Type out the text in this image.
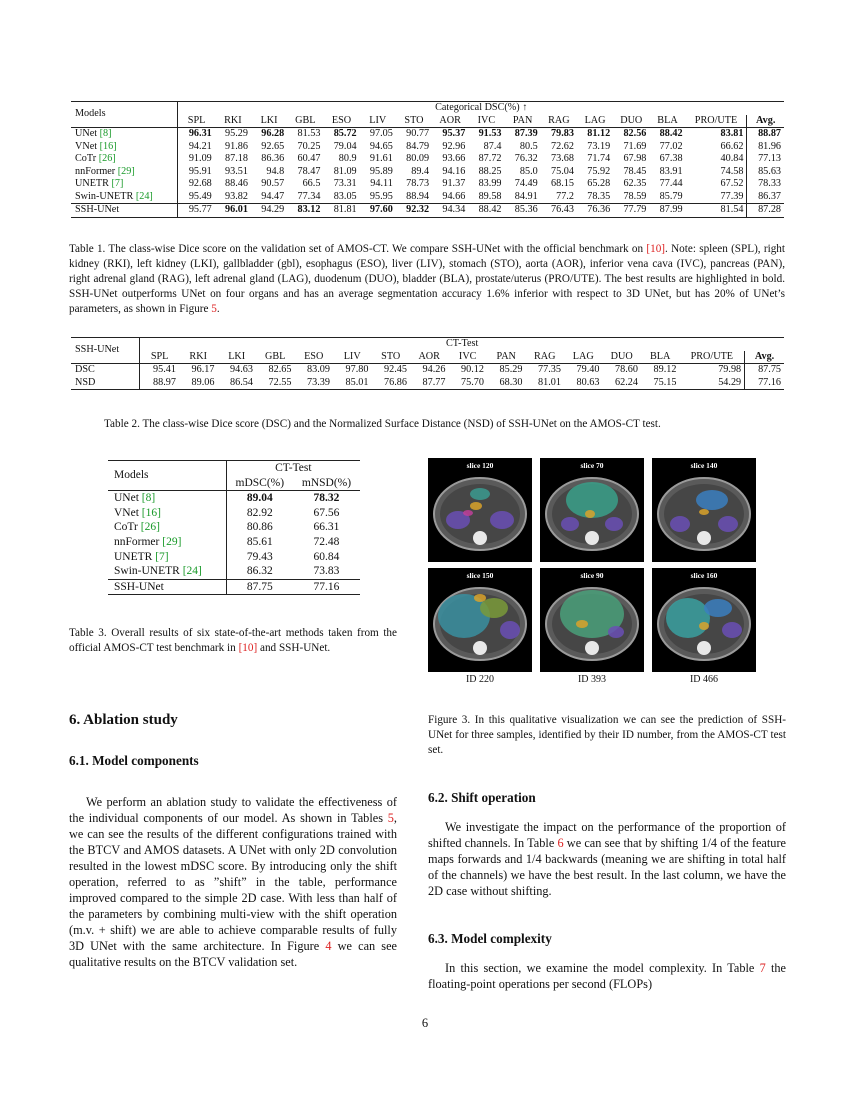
Models	Categorical DSC(%) ↑															
	SPL	RKI	LKI	GBL	ESO	LIV	STO	AOR	IVC	PAN	RAG	LAG	DUO	BLA	PRO/UTE	Avg.
UNet [8]	96.31	95.29	96.28	81.53	85.72	97.05	90.77	95.37	91.53	87.39	79.83	81.12	82.56	88.42	83.81	88.87
VNet [16]	94.21	91.86	92.65	70.25	79.04	94.65	84.79	92.96	87.4	80.5	72.62	73.19	71.69	77.02	66.62	81.96
CoTr [26]	91.09	87.18	86.36	60.47	80.9	91.61	80.09	93.66	87.72	76.32	73.68	71.74	67.98	67.38	40.84	77.13
nnFormer [29]	95.91	93.51	94.8	78.47	81.09	95.89	89.4	94.16	88.25	85.0	75.04	75.92	78.45	83.91	74.58	85.63
UNETR [7]	92.68	88.46	90.57	66.5	73.31	94.11	78.73	91.37	83.99	74.49	68.15	65.28	62.35	77.44	67.52	78.33
Swin-UNETR [24]	95.49	93.82	94.47	77.34	83.05	95.95	88.94	94.66	89.58	84.91	77.2	78.35	78.59	85.79	77.39	86.37
SSH-UNet	95.77	96.01	94.29	83.12	81.81	97.60	92.32	94.34	88.42	85.36	76.43	76.36	77.79	87.99	81.54	87.28
Table 1. The class-wise Dice score on the validation set of AMOS-CT. We compare SSH-UNet with the official benchmark on [10]. Note: spleen (SPL), right kidney (RKI), left kidney (LKI), gallbladder (gbl), esophagus (ESO), liver (LIV), stomach (STO), aorta (AOR), inferior vena cava (IVC), pancreas (PAN), right adrenal gland (RAG), left adrenal gland (LAG), duodenum (DUO), bladder (BLA), prostate/uterus (PRO/UTE). The best results are highlighted in bold. SSH-UNet outperforms UNet on four organs and has an average segmentation accuracy 1.6% inferior with respect to 3D UNet, but has 20% of UNet’s parameters, as shown in Figure 5.
SSH-UNet	CT-Test															
	SPL	RKI	LKI	GBL	ESO	LIV	STO	AOR	IVC	PAN	RAG	LAG	DUO	BLA	PRO/UTE	Avg.
DSC	95.41	96.17	94.63	82.65	83.09	97.80	92.45	94.26	90.12	85.29	77.35	79.40	78.60	89.12	79.98	87.75
NSD	88.97	89.06	86.54	72.55	73.39	85.01	76.86	87.77	75.70	68.30	81.01	80.63	62.24	75.15	54.29	77.16
Table 2. The class-wise Dice score (DSC) and the Normalized Surface Distance (NSD) of SSH-UNet on the AMOS-CT test.
Models	CT-Test	
	mDSC(%)	mNSD(%)
UNet [8]	89.04	78.32
VNet [16]	82.92	67.56
CoTr [26]	80.86	66.31
nnFormer [29]	85.61	72.48
UNETR [7]	79.43	60.84
Swin-UNETR [24]	86.32	73.83
SSH-UNet	87.75	77.16
Table 3. Overall results of six state-of-the-art methods taken from the official AMOS-CT test benchmark in [10] and SSH-UNet.
slice 120	slice 70	slice 140
slice 150	slice 90	slice 160
ID 220	ID 393	ID 466
Figure 3. In this qualitative visualization we can see the prediction of SSH-UNet for three samples, identified by their ID number, from the AMOS-CT test set.
6. Ablation study
6.1. Model components
We perform an ablation study to validate the effectiveness of the individual components of our model. As shown in Tables 5, we can see the results of the different configurations trained with the BTCV and AMOS datasets. A UNet with only 2D convolution resulted in the lowest mDSC score. By introducing only the shift operation, referred to as ”shift” in the table, performance improved compared to the simple 2D case. With less than half of the parameters by combining multi-view with the shift operation (m.v. + shift) we are able to achieve comparable results of fully 3D UNet with the same architecture. In Figure 4 we can see qualitative results on the BTCV validation set.
6.2. Shift operation
We investigate the impact on the performance of the proportion of shifted channels. In Table 6 we can see that by shifting 1/4 of the feature maps forwards and 1/4 backwards (meaning we are shifting in total half of the channels) we have the best result. In the last column, we have the 2D case without shifting.
6.3. Model complexity
In this section, we examine the model complexity. In Table 7 the floating-point operations per second (FLOPs)
6
